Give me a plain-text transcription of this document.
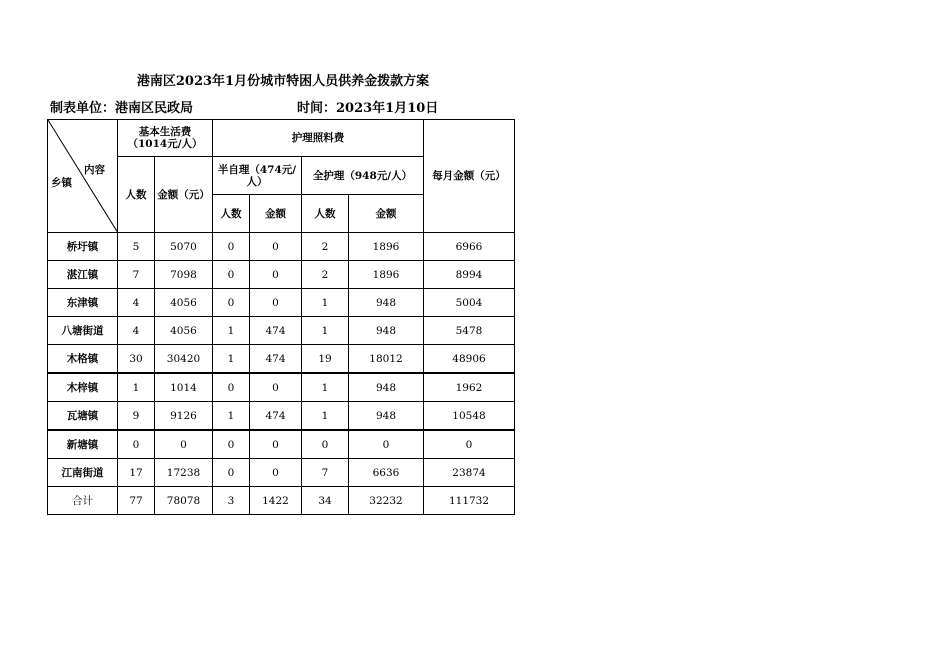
港南区2023年1月份城市特困人员供养金拨款方案
制表单位：港南区民政局	时间：2023年1月10日
内容
乡镇	基本生活费（1014元/人）		护理照料费				每月金额（元）
	人数	金额（元）	半自理（474元/人）		全护理（948元/人）		
			人数	金额	人数	金额	
桥圩镇	5	5070	0	0	2	1896	6966
湛江镇	7	7098	0	0	2	1896	8994
东津镇	4	4056	0	0	1	948	5004
八塘街道	4	4056	1	474	1	948	5478
木格镇	30	30420	1	474	19	18012	48906
木梓镇	1	1014	0	0	1	948	1962
瓦塘镇	9	9126	1	474	1	948	10548
新塘镇	0	0	0	0	0	0	0
江南街道	17	17238	0	0	7	6636	23874
合计	77	78078	3	1422	34	32232	111732
